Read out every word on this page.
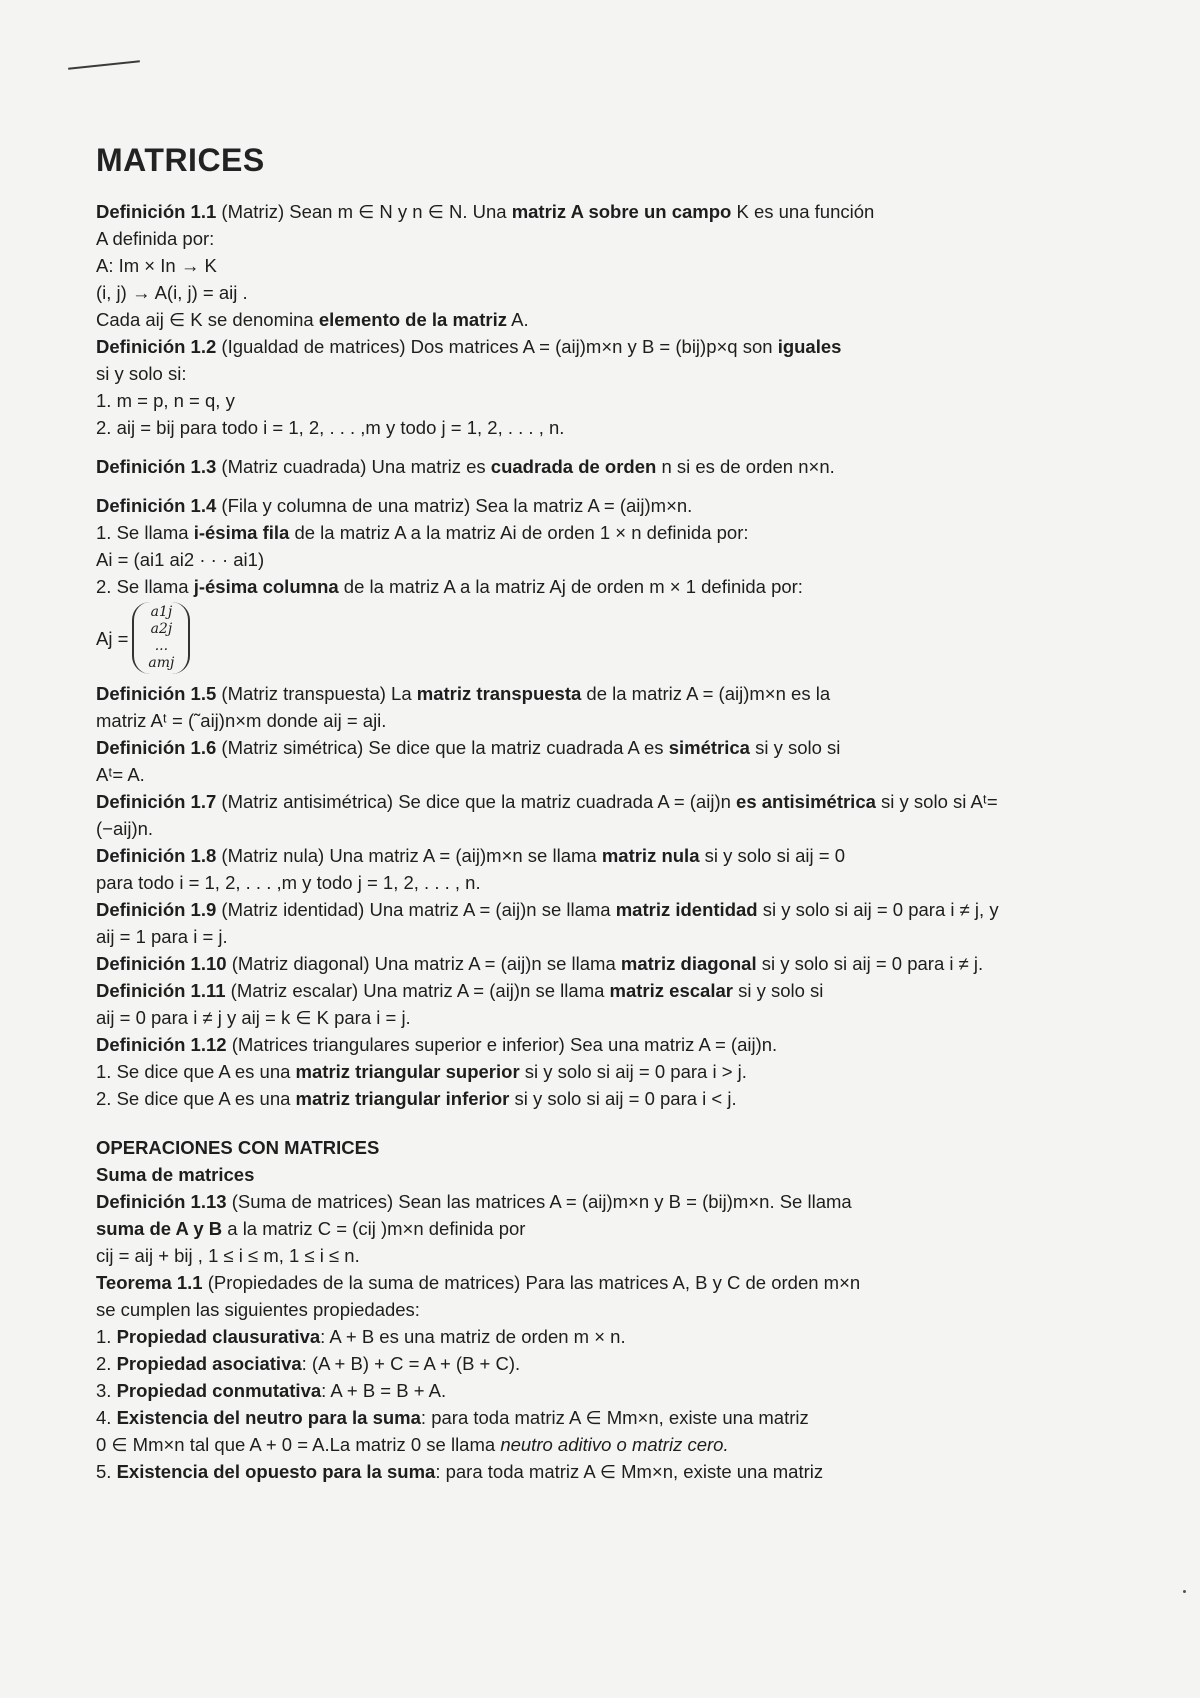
MATRICES
Definición 1.1 (Matriz) Sean m ∈ N y n ∈ N. Una matriz A sobre un campo K es una función
A definida por:
A: Im × In → K
(i, j) → A(i, j) = aij .
Cada aij ∈ K se denomina elemento de la matriz A.
Definición 1.2 (Igualdad de matrices) Dos matrices A = (aij)m×n y B = (bij)p×q son iguales
si y solo si:
1. m = p, n = q, y
2. aij = bij para todo i = 1, 2, . . . ,m y todo j = 1, 2, . . . , n.
Definición 1.3 (Matriz cuadrada) Una matriz es cuadrada de orden n si es de orden n×n.
Definición 1.4 (Fila y columna de una matriz) Sea la matriz A = (aij)m×n.
1. Se llama i-ésima fila de la matriz A a la matriz Ai de orden 1 × n definida por:
Ai = (ai1 ai2 · · · ai1)
2. Se llama j-ésima columna de la matriz A a la matriz Aj de orden m × 1 definida por:
Aj =
a1j
a2j
...
amj
Definición 1.5 (Matriz transpuesta) La matriz transpuesta de la matriz A = (aij)m×n es la
matriz Aᵗ = (˜aij)n×m donde aij = aji.
Definición 1.6 (Matriz simétrica) Se dice que la matriz cuadrada A es simétrica si y solo si
Aᵗ= A.
Definición 1.7 (Matriz antisimétrica) Se dice que la matriz cuadrada A = (aij)n es antisimétrica si y solo si Aᵗ=
(−aij)n.
Definición 1.8 (Matriz nula) Una matriz A = (aij)m×n se llama matriz nula si y solo si aij = 0
para todo i = 1, 2, . . . ,m y todo j = 1, 2, . . . , n.
Definición 1.9 (Matriz identidad) Una matriz A = (aij)n se llama matriz identidad si y solo si aij = 0 para i ≠ j, y
aij = 1 para i = j.
Definición 1.10 (Matriz diagonal) Una matriz A = (aij)n se llama matriz diagonal si y solo si aij = 0 para i ≠ j.
Definición 1.11 (Matriz escalar) Una matriz A = (aij)n se llama matriz escalar si y solo si
aij = 0 para i ≠ j y aij = k ∈ K para i = j.
Definición 1.12 (Matrices triangulares superior e inferior) Sea una matriz A = (aij)n.
1. Se dice que A es una matriz triangular superior si y solo si aij = 0 para i > j.
2. Se dice que A es una matriz triangular inferior si y solo si aij = 0 para i < j.
OPERACIONES CON MATRICES
Suma de matrices
Definición 1.13 (Suma de matrices) Sean las matrices A = (aij)m×n y B = (bij)m×n. Se llama
suma de A y B a la matriz C = (cij )m×n definida por
cij = aij + bij , 1 ≤ i ≤ m, 1 ≤ i ≤ n.
Teorema 1.1 (Propiedades de la suma de matrices) Para las matrices A, B y C de orden m×n
se cumplen las siguientes propiedades:
1. Propiedad clausurativa: A + B es una matriz de orden m × n.
2. Propiedad asociativa: (A + B) + C = A + (B + C).
3. Propiedad conmutativa: A + B = B + A.
4. Existencia del neutro para la suma: para toda matriz A ∈ Mm×n, existe una matriz
0 ∈ Mm×n tal que A + 0 = A.La matriz 0 se llama neutro aditivo o matriz cero.
5. Existencia del opuesto para la suma: para toda matriz A ∈ Mm×n, existe una matriz
